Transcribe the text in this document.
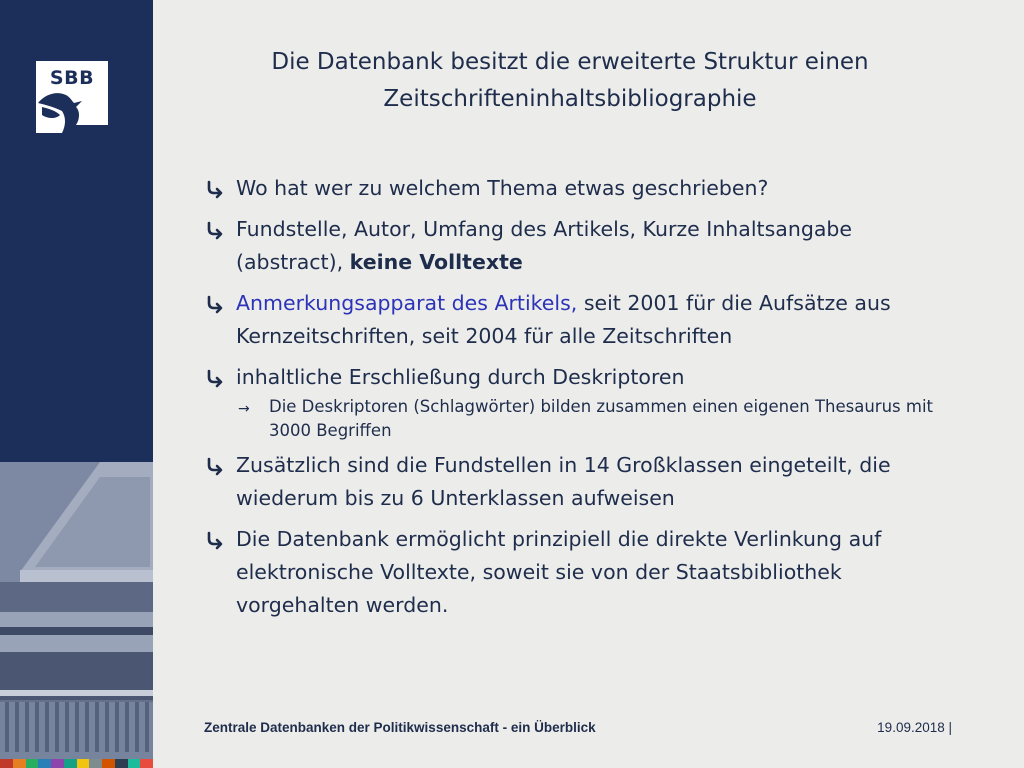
SBB
Die Datenbank besitzt die erweiterte Struktur einen
Zeitschrifteninhaltsbibliographie
Wo hat wer zu welchem Thema etwas geschrieben?
Fundstelle, Autor, Umfang des Artikels, Kurze Inhaltsangabe (abstract), keine Volltexte
Anmerkungsapparat des Artikels, seit 2001 für die Aufsätze aus Kernzeitschriften, seit 2004 für alle Zeitschriften
inhaltliche Erschließung durch Deskriptoren
→ Die Deskriptoren (Schlagwörter) bilden zusammen einen eigenen Thesaurus mit 3000 Begriffen
Zusätzlich sind die Fundstellen in 14 Großklassen eingeteilt, die wiederum bis zu 6 Unterklassen aufweisen
Die Datenbank ermöglicht prinzipiell die direkte Verlinkung auf elektronische Volltexte, soweit sie von der Staatsbibliothek vorgehalten werden.
Zentrale Datenbanken der Politikwissenschaft - ein Überblick	19.09.2018 |
